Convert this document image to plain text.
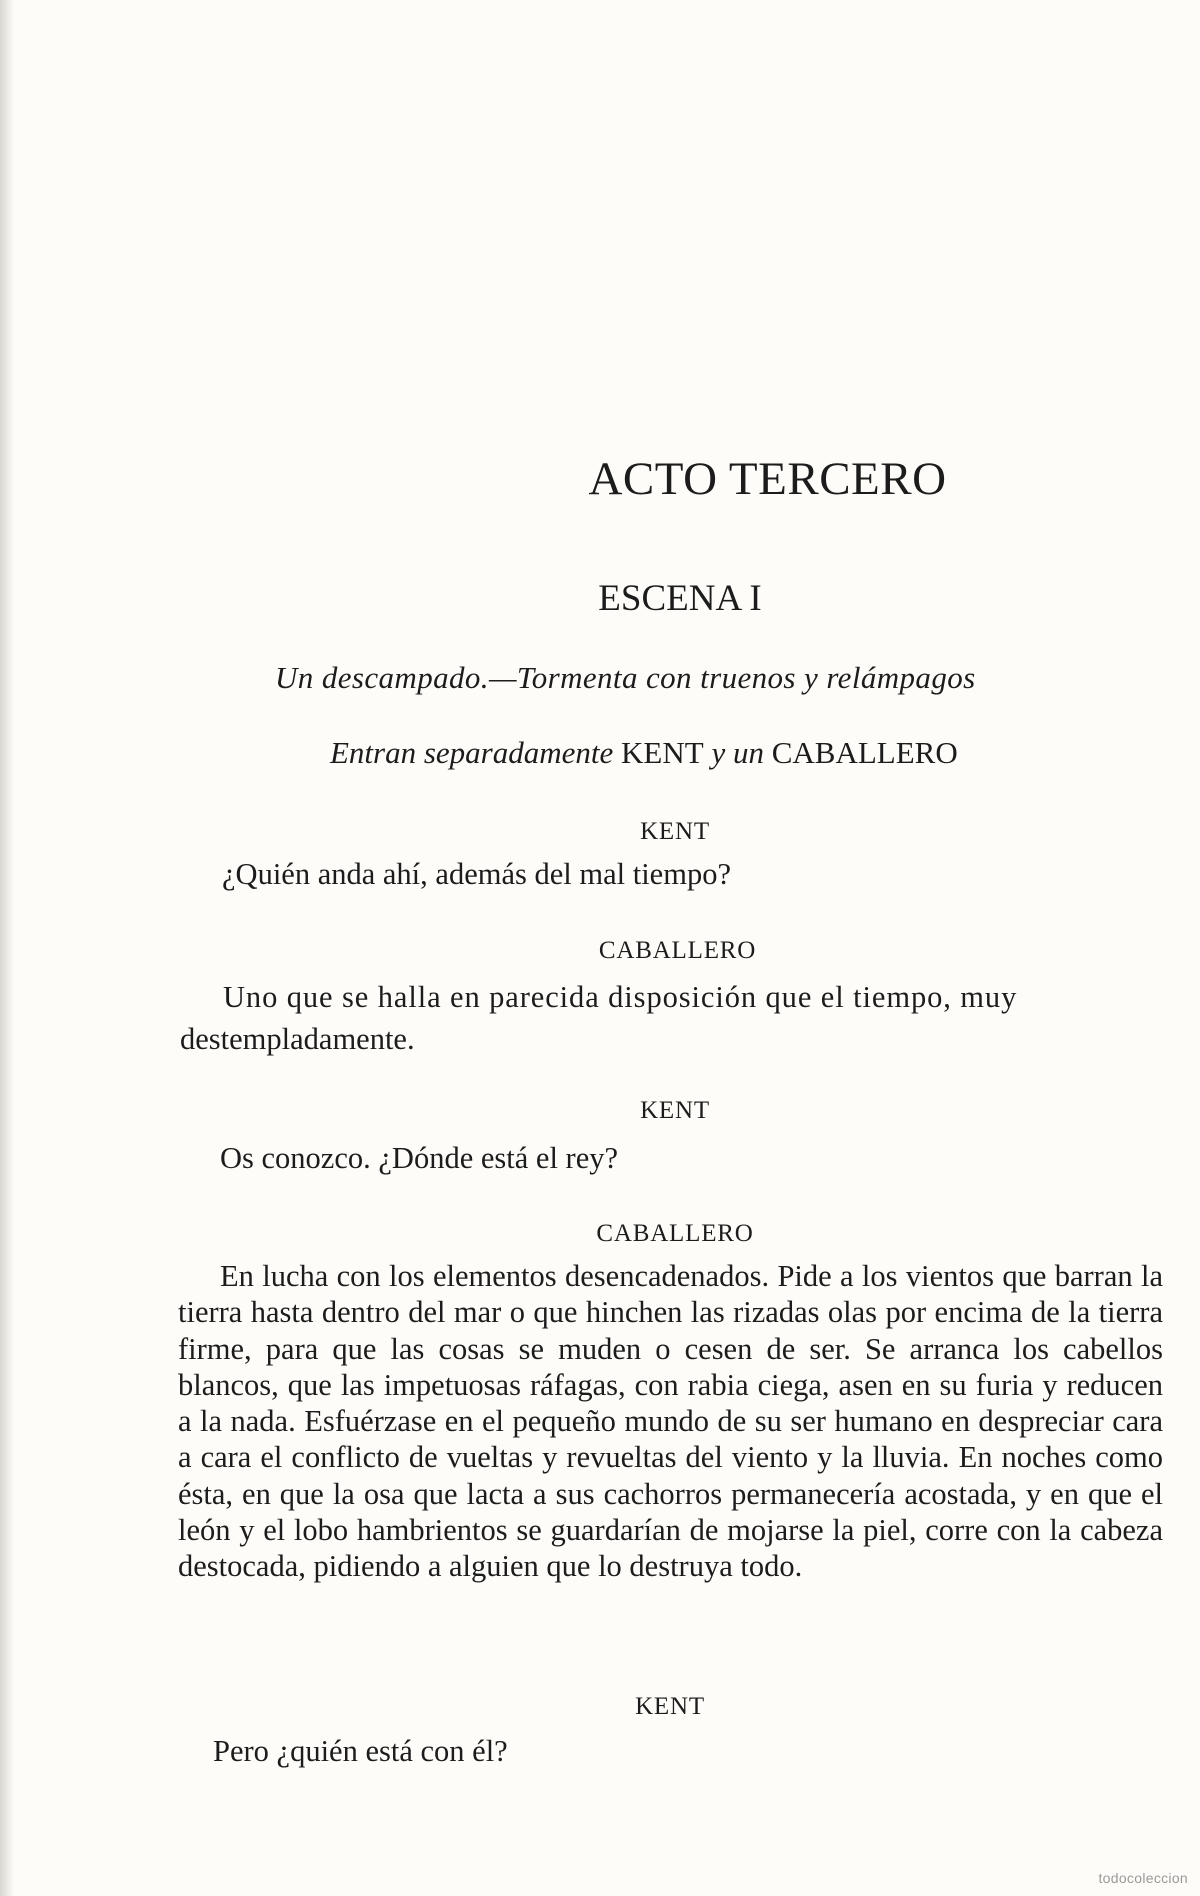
ACTO TERCERO
ESCENA I
Un descampado.—Tormenta con truenos y relámpagos
Entran separadamente KENT y un CABALLERO
KENT
¿Quién anda ahí, además del mal tiempo?
CABALLERO
Uno que se halla en parecida disposición que el tiempo, muy
destempladamente.
KENT
Os conozco. ¿Dónde está el rey?
CABALLERO
En lucha con los elementos desencadenados. Pide a los vientos que barran la tierra hasta dentro del mar o que hinchen las rizadas olas por encima de la tierra firme, para que las cosas se muden o cesen de ser. Se arranca los cabellos blancos, que las impetuosas ráfagas, con rabia ciega, asen en su furia y reducen a la nada. Esfuérzase en el pequeño mundo de su ser humano en despreciar cara a cara el conflicto de vueltas y revueltas del viento y la lluvia. En noches como ésta, en que la osa que lacta a sus cachorros permanecería acostada, y en que el león y el lobo hambrientos se guardarían de mojarse la piel, corre con la cabeza destocada, pidiendo a alguien que lo destruya todo.
KENT
Pero ¿quién está con él?
todocoleccion
